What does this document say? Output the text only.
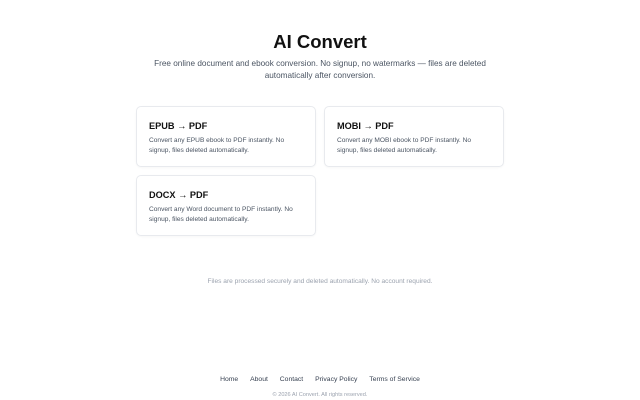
AI Convert

Free online document and ebook conversion. No signup, no watermarks — files are deleted automatically after conversion.

EPUB → PDF
Convert any EPUB ebook to PDF instantly. No signup, files deleted automatically.
MOBI → PDF
Convert any MOBI ebook to PDF instantly. No signup, files deleted automatically.
DOCX → PDF
Convert any Word document to PDF instantly. No signup, files deleted automatically.

Files are processed securely and deleted automatically. No account required.

Home About Contact Privacy Policy Terms of Service

© 2026 AI Convert. All rights reserved.
